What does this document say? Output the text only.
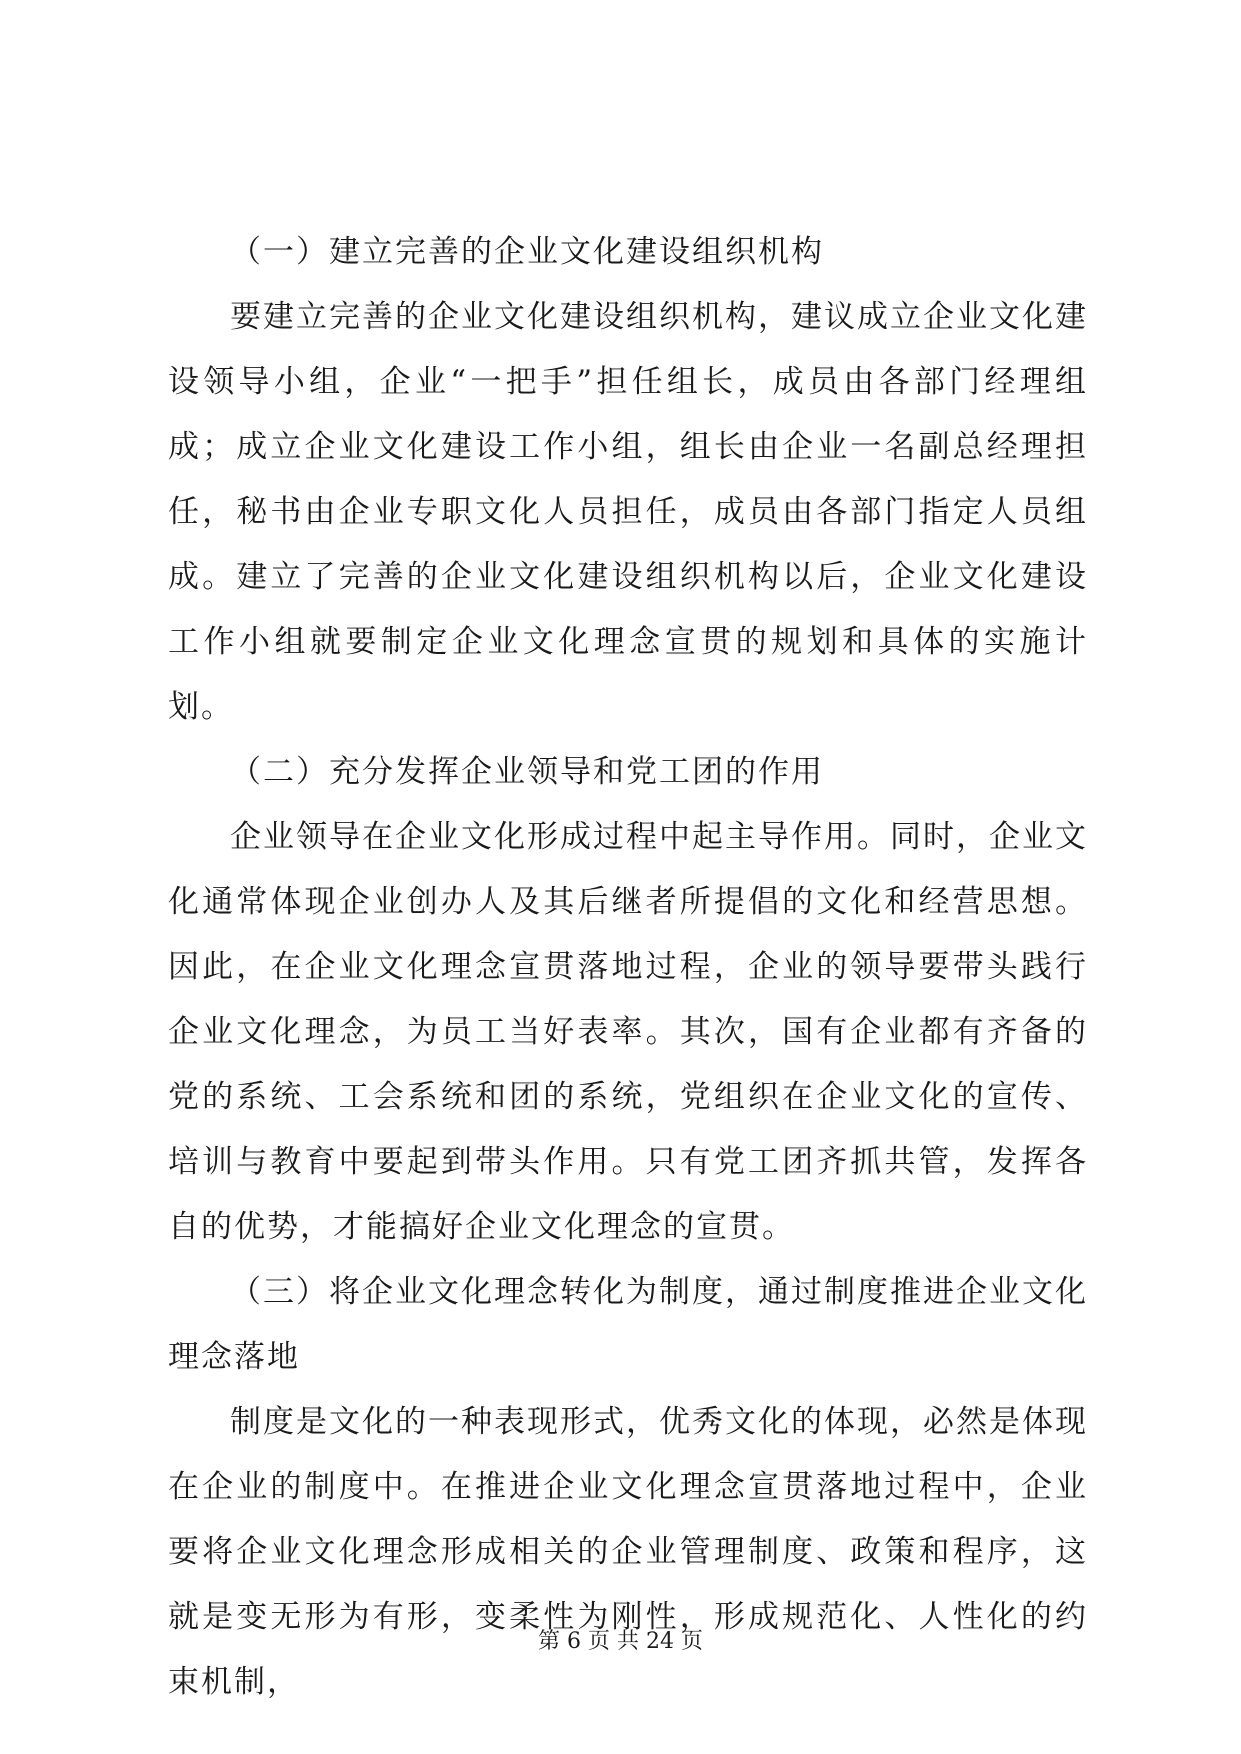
（一）建立完善的企业文化建设组织机构

要建立完善的企业文化建设组织机构，建议成立企业文化建设领导小组，企业“一把手”担任组长，成员由各部门经理组成；成立企业文化建设工作小组，组长由企业一名副总经理担任，秘书由企业专职文化人员担任，成员由各部门指定人员组成。建立了完善的企业文化建设组织机构以后，企业文化建设工作小组就要制定企业文化理念宣贯的规划和具体的实施计划。

（二）充分发挥企业领导和党工团的作用

企业领导在企业文化形成过程中起主导作用。同时，企业文化通常体现企业创办人及其后继者所提倡的文化和经营思想。因此，在企业文化理念宣贯落地过程，企业的领导要带头践行企业文化理念，为员工当好表率。其次，国有企业都有齐备的党的系统、工会系统和团的系统，党组织在企业文化的宣传、培训与教育中要起到带头作用。只有党工团齐抓共管，发挥各自的优势，才能搞好企业文化理念的宣贯。

（三）将企业文化理念转化为制度，通过制度推进企业文化理念落地

制度是文化的一种表现形式，优秀文化的体现，必然是体现在企业的制度中。在推进企业文化理念宣贯落地过程中，企业要将企业文化理念形成相关的企业管理制度、政策和程序，这就是变无形为有形，变柔性为刚性，形成规范化、人性化的约束机制，

第 6 页 共 24 页
